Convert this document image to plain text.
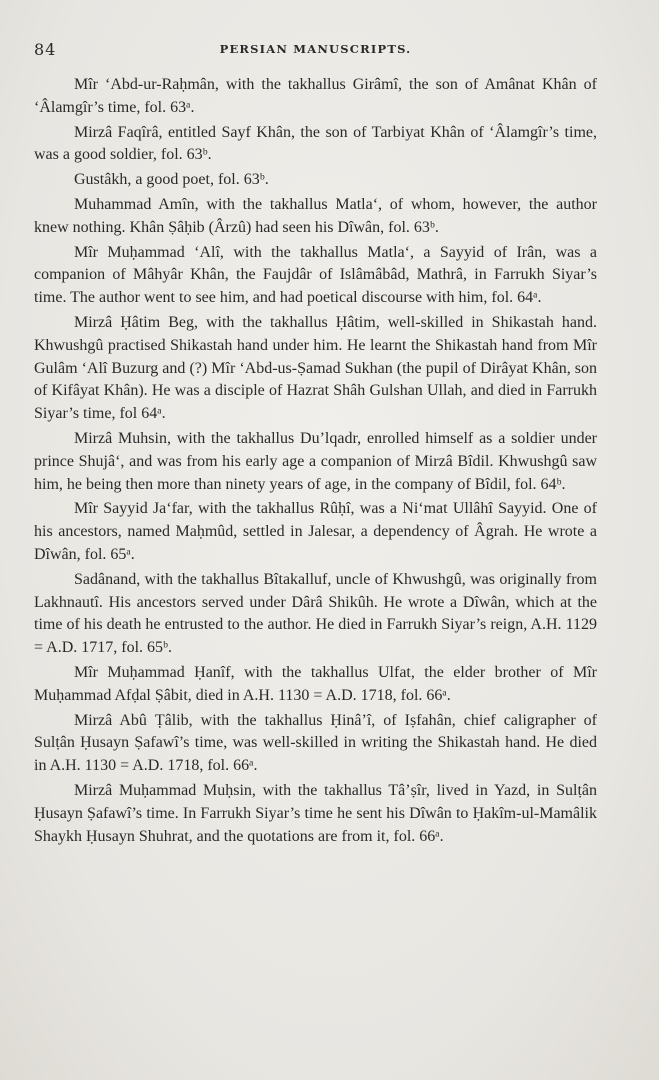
84	PERSIAN MANUSCRIPTS.

Mîr ‘Abd-ur-Raḥmân, with the takhallus Girâmî, the son of Amânat Khân of ‘Âlamgîr’s time, fol. 63ᵃ.

Mirzâ Faqîrâ, entitled Sayf Khân, the son of Tarbiyat Khân of ‘Âlamgîr’s time, was a good soldier, fol. 63ᵇ.

Gustâkh, a good poet, fol. 63ᵇ.

Muhammad Amîn, with the takhallus Matla‘, of whom, however, the author knew nothing. Khân Ṣâḥib (Ârzû) had seen his Dîwân, fol. 63ᵇ.

Mîr Muḥammad ‘Alî, with the takhallus Matla‘, a Sayyid of Irân, was a companion of Mâhyâr Khân, the Faujdâr of Islâmâbâd, Mathrâ, in Farrukh Siyar’s time. The author went to see him, and had poetical discourse with him, fol. 64ᵃ.

Mirzâ Ḥâtim Beg, with the takhallus Ḥâtim, well-skilled in Shikastah hand. Khwushgû practised Shikastah hand under him. He learnt the Shikastah hand from Mîr Gulâm ‘Alî Buzurg and (?) Mîr ‘Abd-us-Ṣamad Sukhan (the pupil of Dirâyat Khân, son of Kifâyat Khân). He was a disciple of Hazrat Shâh Gulshan Ullah, and died in Farrukh Siyar’s time, fol 64ᵃ.

Mirzâ Muhsin, with the takhallus Du’lqadr, enrolled himself as a soldier under prince Shujâ‘, and was from his early age a companion of Mirzâ Bîdil. Khwushgû saw him, he being then more than ninety years of age, in the company of Bîdil, fol. 64ᵇ.

Mîr Sayyid Ja‘far, with the takhallus Rûḥî, was a Ni‘mat Ullâhî Sayyid. One of his ancestors, named Maḥmûd, settled in Jalesar, a dependency of Âgrah. He wrote a Dîwân, fol. 65ᵃ.

Sadânand, with the takhallus Bîtakalluf, uncle of Khwushgû, was originally from Lakhnautî. His ancestors served under Dârâ Shikûh. He wrote a Dîwân, which at the time of his death he entrusted to the author. He died in Farrukh Siyar’s reign, A.H. 1129 = A.D. 1717, fol. 65ᵇ.

Mîr Muḥammad Ḥanîf, with the takhallus Ulfat, the elder brother of Mîr Muḥammad Afḍal Ṣâbit, died in A.H. 1130 = A.D. 1718, fol. 66ᵃ.

Mirzâ Abû Ṭâlib, with the takhallus Ḥinâ’î, of Iṣfahân, chief caligrapher of Sulṭân Ḥusayn Ṣafawî’s time, was well-skilled in writing the Shikastah hand. He died in A.H. 1130 = A.D. 1718, fol. 66ᵃ.

Mirzâ Muḥammad Muḥsin, with the takhallus Tâ’ṣîr, lived in Yazd, in Sulṭân Ḥusayn Ṣafawî’s time. In Farrukh Siyar’s time he sent his Dîwân to Ḥakîm-ul-Mamâlik Shaykh Ḥusayn Shuhrat, and the quotations are from it, fol. 66ᵃ.
